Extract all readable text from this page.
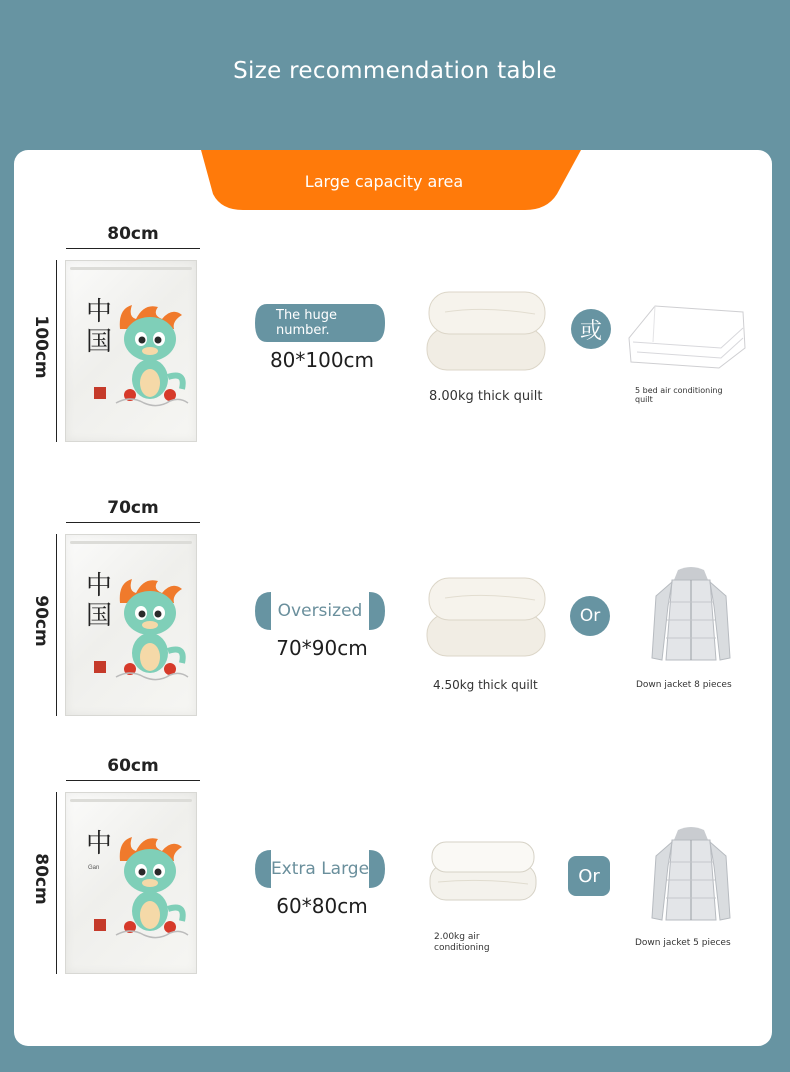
Size recommendation table
Large capacity area
80cm
100cm
中国
The huge number.
80*100cm
8.00kg thick quilt
或
5 bed air conditioning quilt
70cm
90cm
中国	Oversized
70*90cm
4.50kg thick quilt
Or
Down jacket 8 pieces
60cm
80cm
中
Gan	Extra Large
60*80cm
2.00kg air conditioning
Or
Down jacket 5 pieces
